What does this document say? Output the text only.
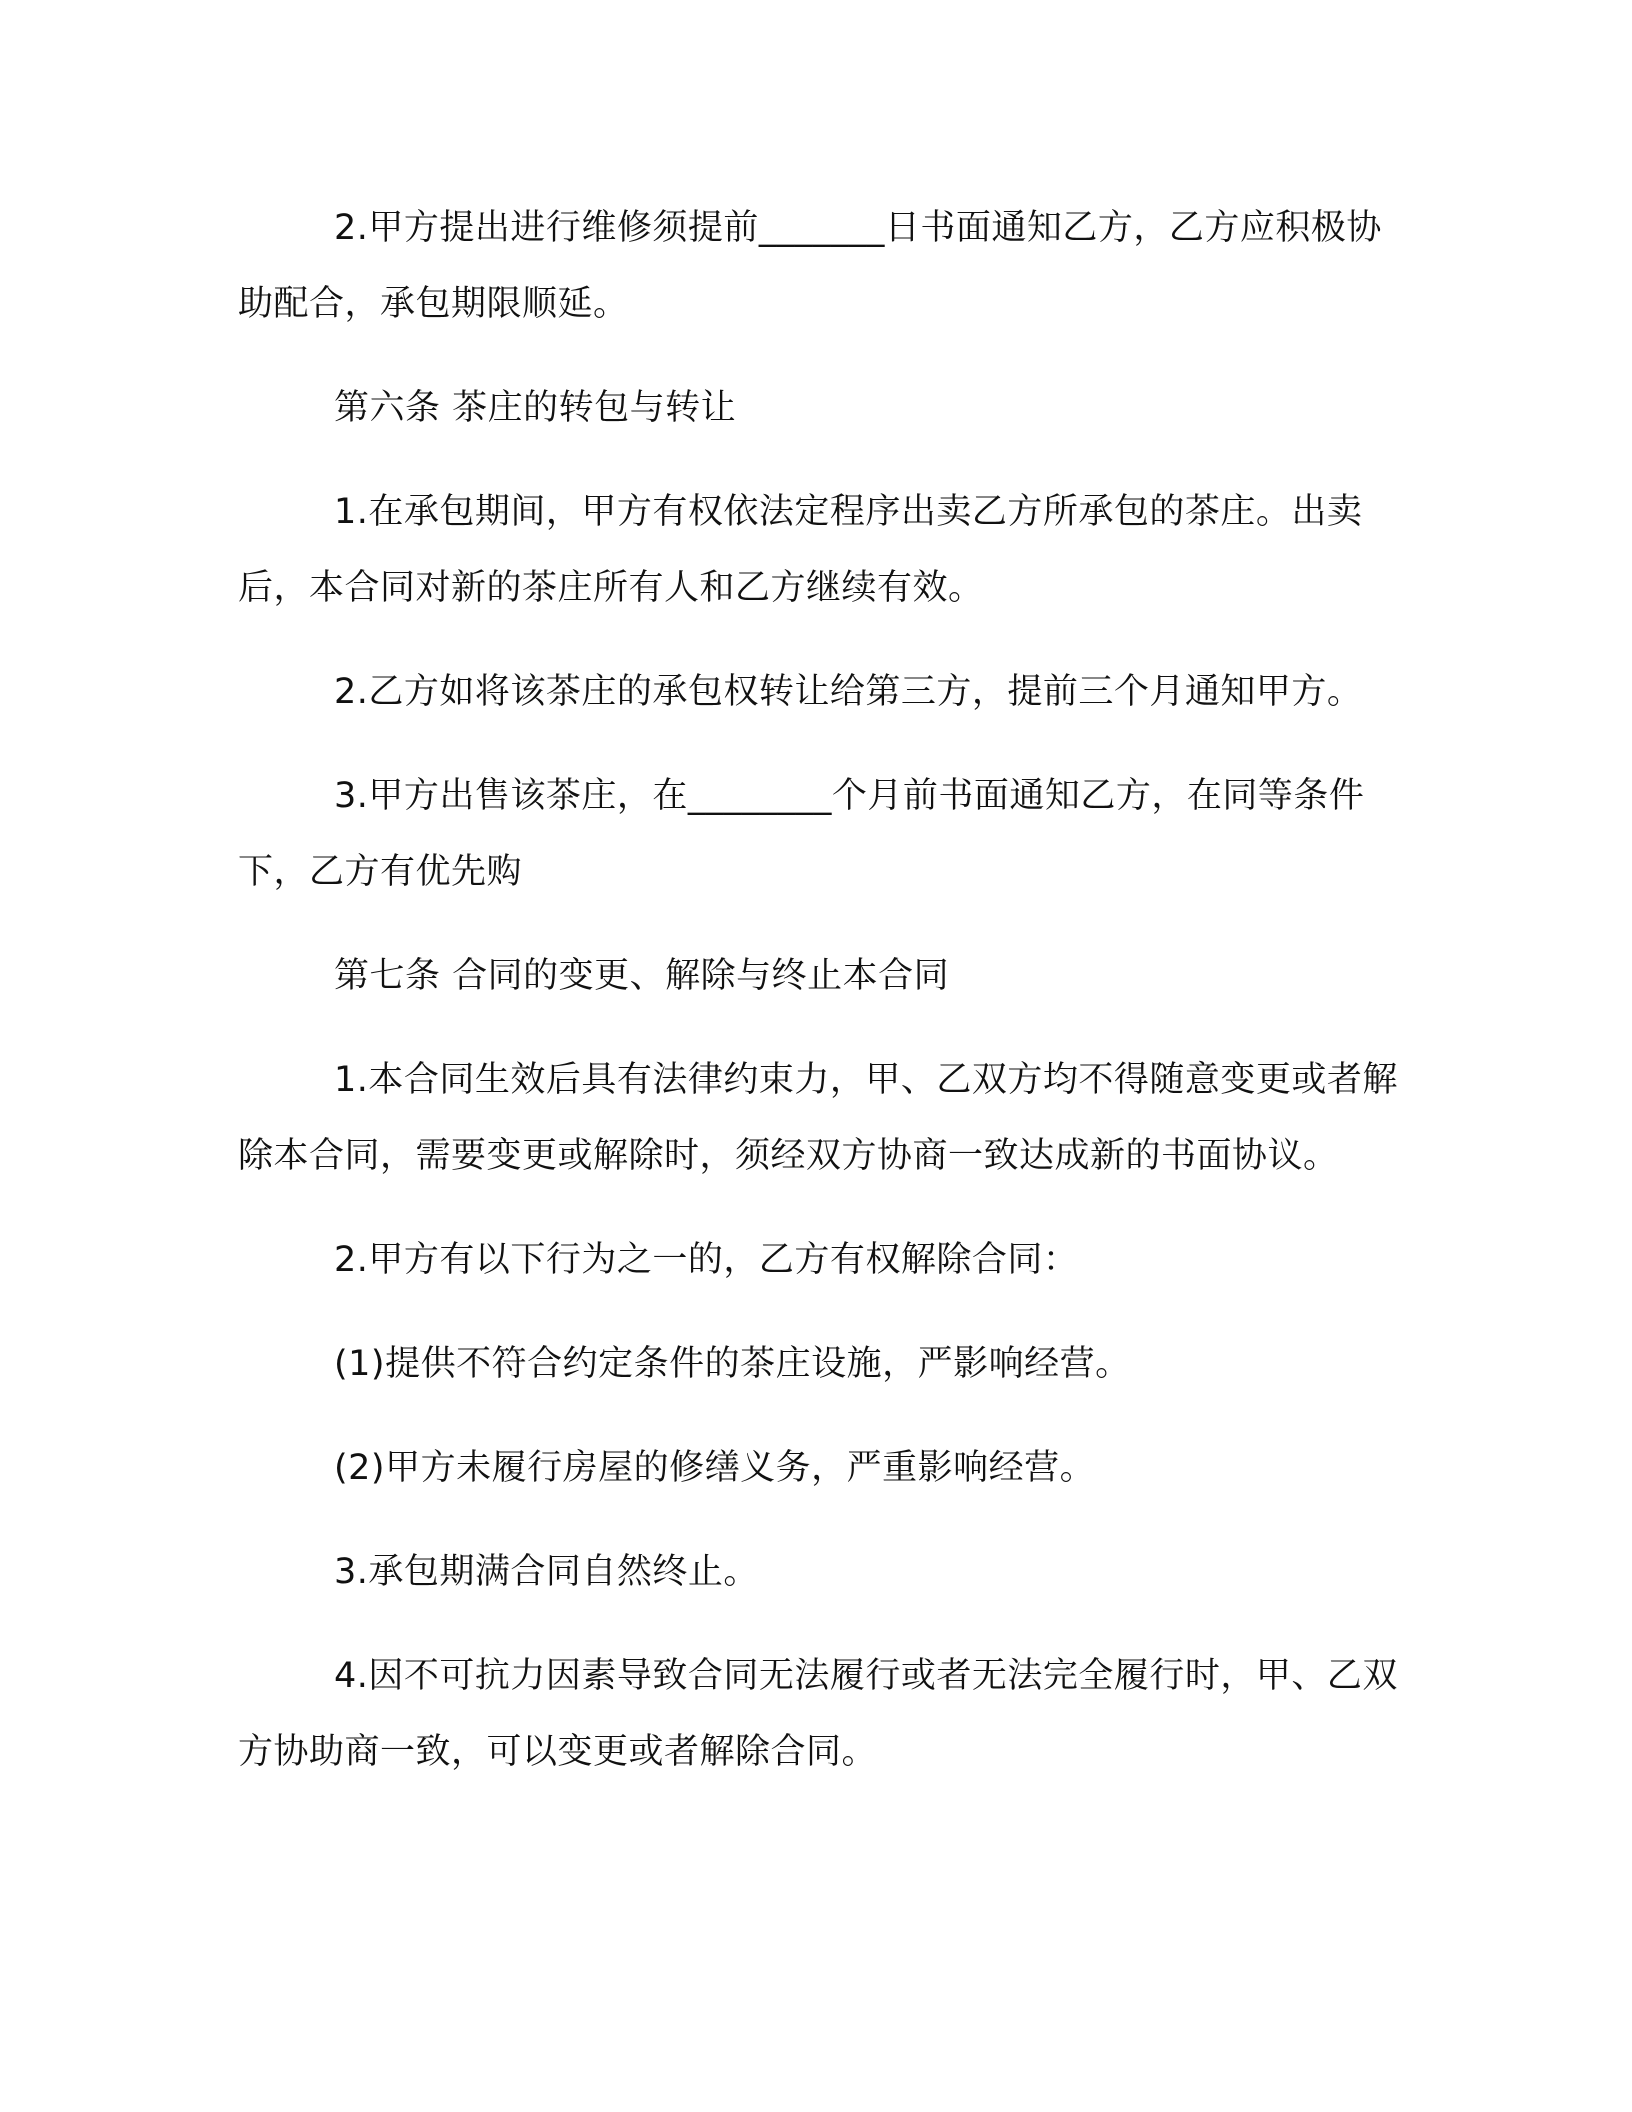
2.甲方提出进行维修须提前_______日书面通知乙方，乙方应积极协助配合，承包期限顺延。

第六条 茶庄的转包与转让

1.在承包期间，甲方有权依法定程序出卖乙方所承包的茶庄。出卖后，本合同对新的茶庄所有人和乙方继续有效。

2.乙方如将该茶庄的承包权转让给第三方，提前三个月通知甲方。

3.甲方出售该茶庄，在________个月前书面通知乙方，在同等条件下，乙方有优先购

第七条 合同的变更、解除与终止本合同

1.本合同生效后具有法律约束力，甲、乙双方均不得随意变更或者解除本合同，需要变更或解除时，须经双方协商一致达成新的书面协议。

2.甲方有以下行为之一的，乙方有权解除合同：

(1)提供不符合约定条件的茶庄设施，严影响经营。

(2)甲方未履行房屋的修缮义务，严重影响经营。

3.承包期满合同自然终止。

4.因不可抗力因素导致合同无法履行或者无法完全履行时，甲、乙双方协助商一致，可以变更或者解除合同。
